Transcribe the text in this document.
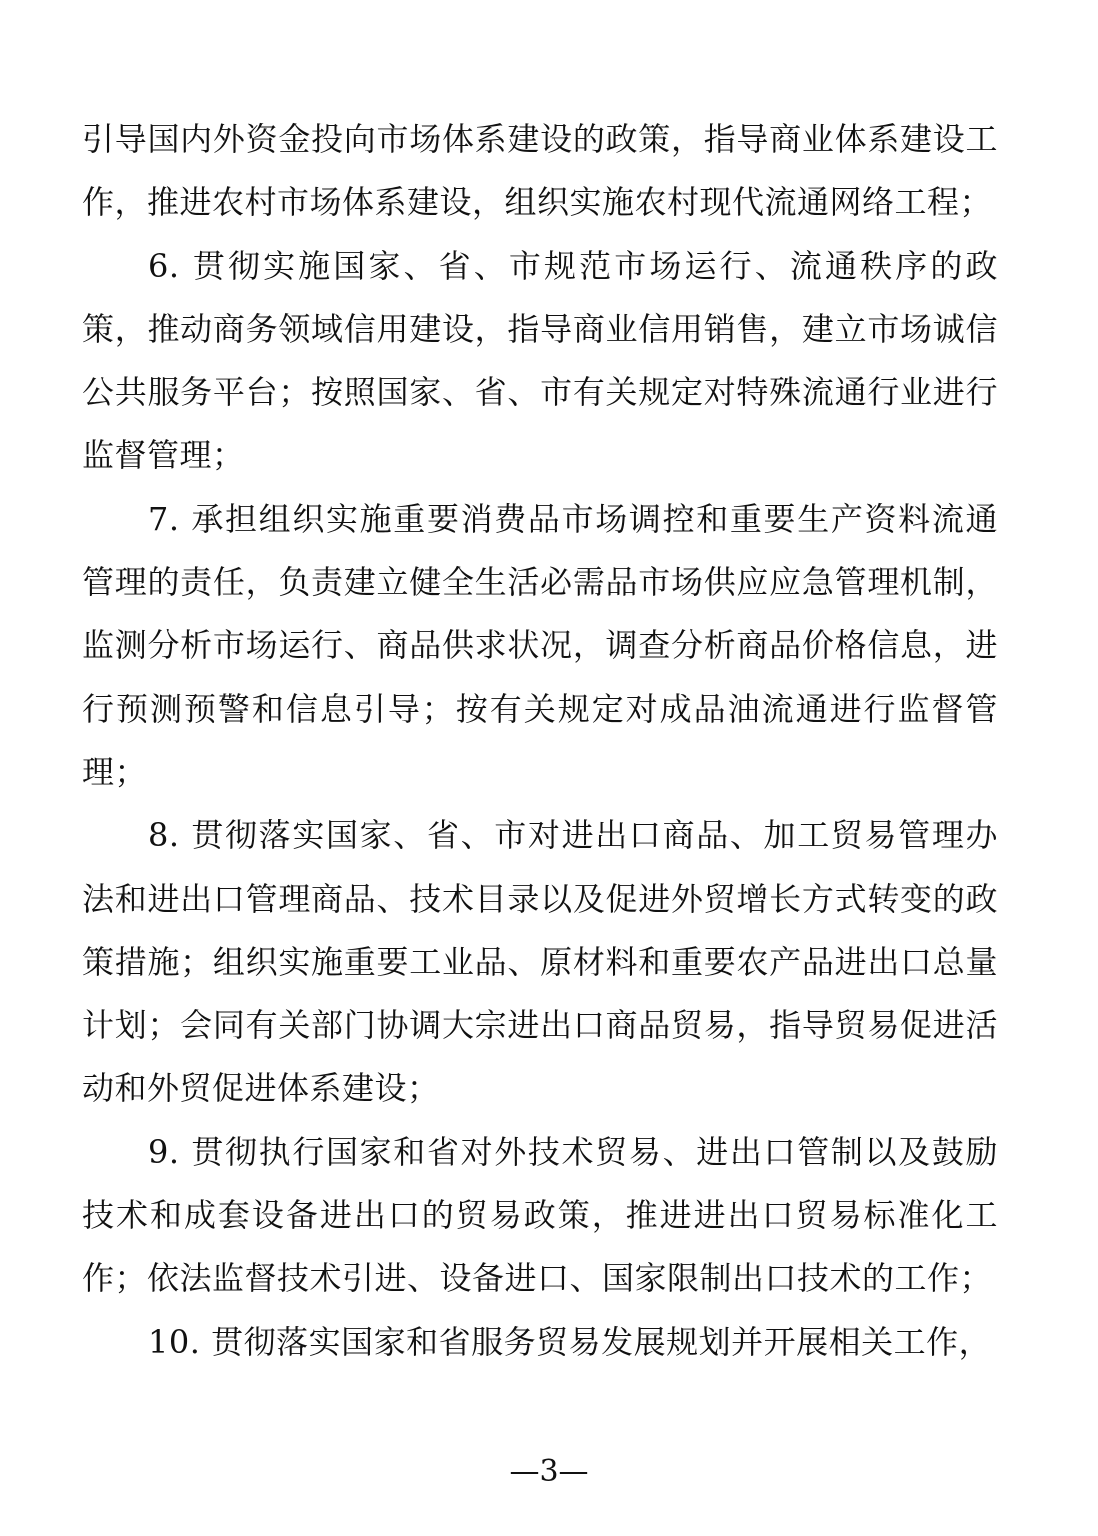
引导国内外资金投向市场体系建设的政策，指导商业体系建设工作，推进农村市场体系建设，组织实施农村现代流通网络工程；

6. 贯彻实施国家、省、市规范市场运行、流通秩序的政策，推动商务领域信用建设，指导商业信用销售，建立市场诚信公共服务平台；按照国家、省、市有关规定对特殊流通行业进行监督管理；

7. 承担组织实施重要消费品市场调控和重要生产资料流通管理的责任，负责建立健全生活必需品市场供应应急管理机制，监测分析市场运行、商品供求状况，调查分析商品价格信息，进行预测预警和信息引导；按有关规定对成品油流通进行监督管理；

8. 贯彻落实国家、省、市对进出口商品、加工贸易管理办法和进出口管理商品、技术目录以及促进外贸增长方式转变的政策措施；组织实施重要工业品、原材料和重要农产品进出口总量计划；会同有关部门协调大宗进出口商品贸易，指导贸易促进活动和外贸促进体系建设；

9. 贯彻执行国家和省对外技术贸易、进出口管制以及鼓励技术和成套设备进出口的贸易政策，推进进出口贸易标准化工作；依法监督技术引进、设备进口、国家限制出口技术的工作；

10. 贯彻落实国家和省服务贸易发展规划并开展相关工作，

—3—
